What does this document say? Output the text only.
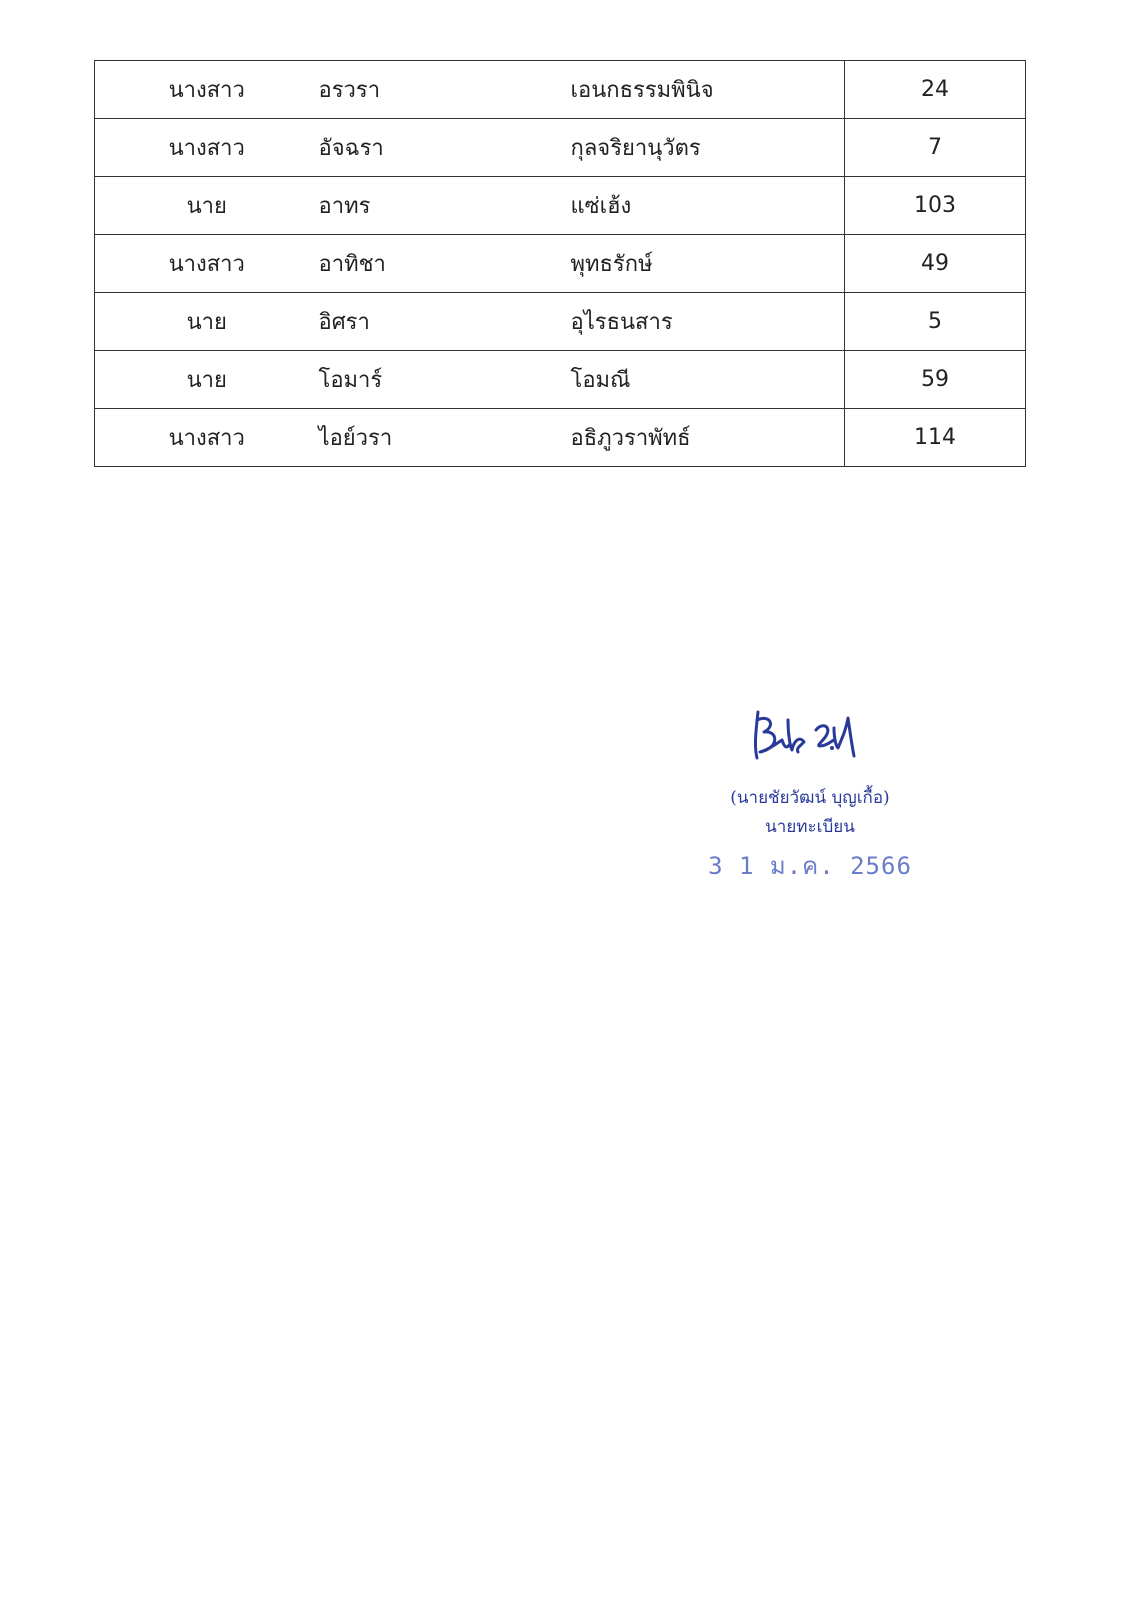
นางสาว	อรวรา	เอนกธรรมพินิจ	24
นางสาว	อัจฉรา	กุลจริยานุวัตร	7
นาย	อาทร	แซ่เฮ้ง	103
นางสาว	อาทิชา	พุทธรักษ์	49
นาย	อิศรา	อุไรธนสาร	5
นาย	โอมาร์	โอมณี	59
นางสาว	ไอย์วรา	อธิภูวราพัทธ์	114
(นายชัยวัฒน์ บุญเกื้อ)
นายทะเบียน
3 1 ม.ค. 2566
